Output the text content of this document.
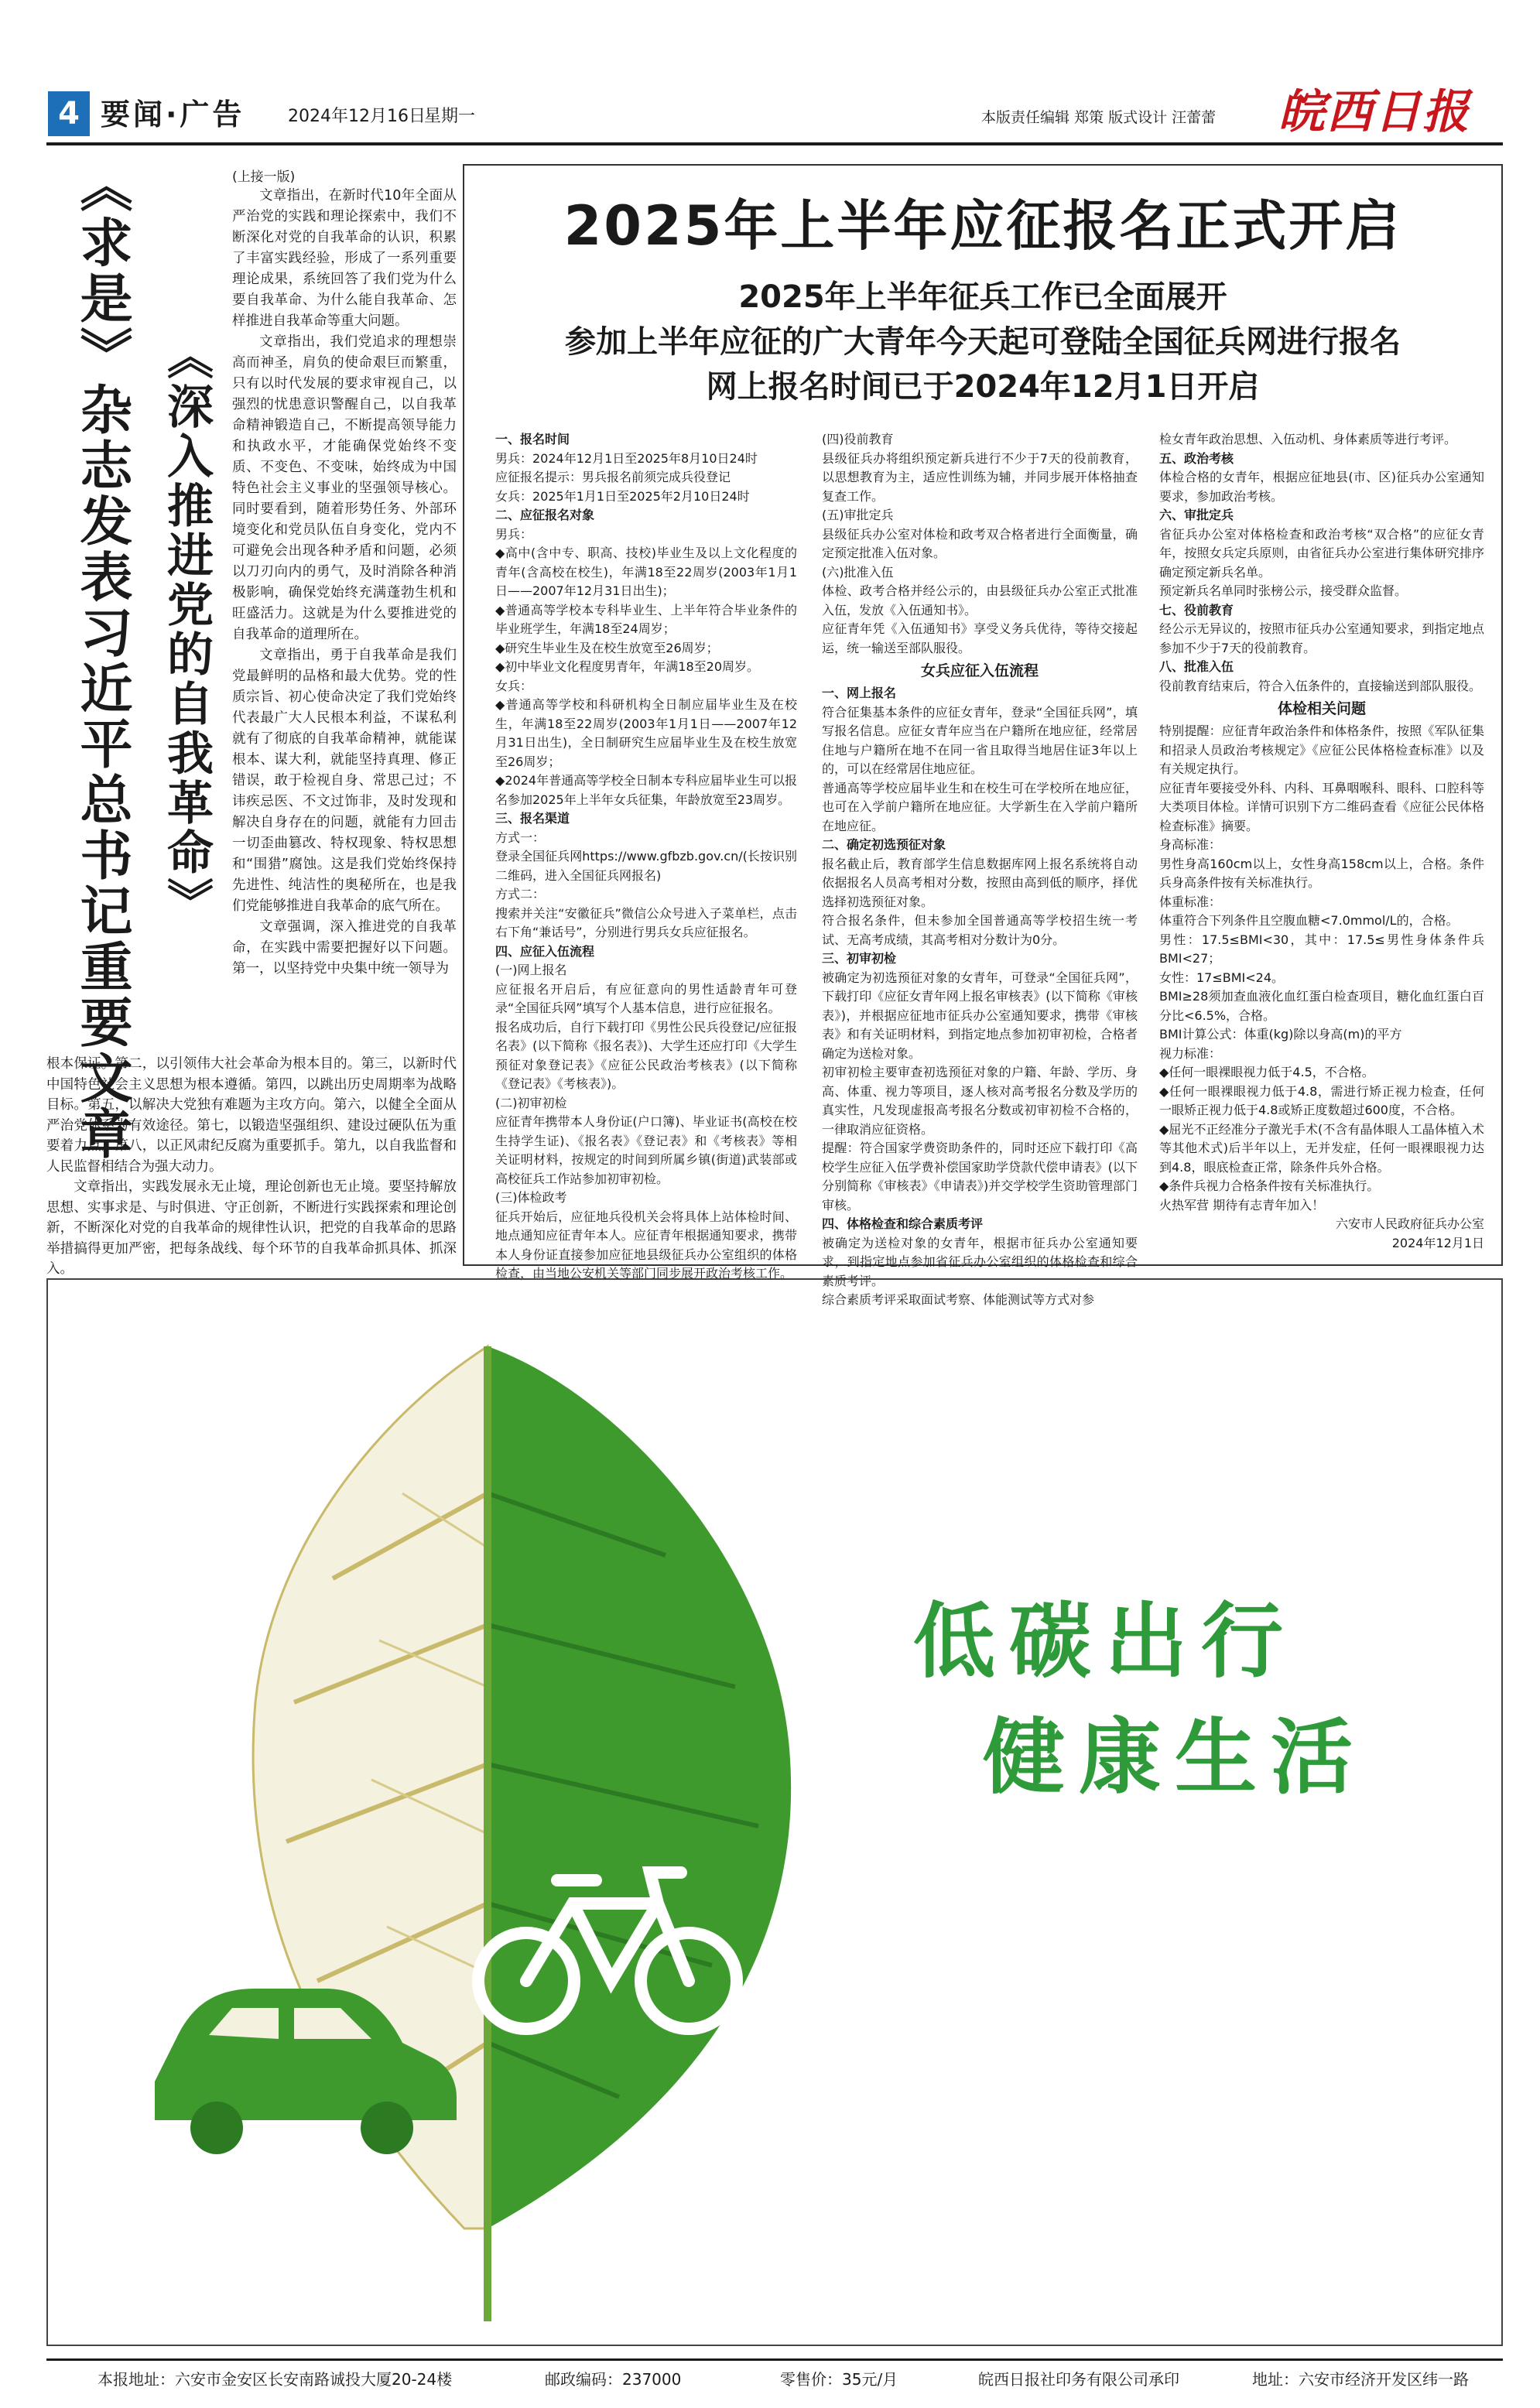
4 要闻·广告	2024年12月16日
星期一	本版责任编辑 郑策 版式设计 汪蕾蕾 皖西日报
《求是》杂志发表习近平总书记重要文章 《深入推进党的自我革命》
(上接一版)

文章指出，在新时代10年全面从严治党的实践和理论探索中，我们不断深化对党的自我革命的认识，积累了丰富实践经验，形成了一系列重要理论成果，系统回答了我们党为什么要自我革命、为什么能自我革命、怎样推进自我革命等重大问题。

文章指出，我们党追求的理想崇高而神圣，肩负的使命艰巨而繁重，只有以时代发展的要求审视自己，以强烈的忧患意识警醒自己，以自我革命精神锻造自己，不断提高领导能力和执政水平，才能确保党始终不变质、不变色、不变味，始终成为中国特色社会主义事业的坚强领导核心。同时要看到，随着形势任务、外部环境变化和党员队伍自身变化，党内不可避免会出现各种矛盾和问题，必须以刀刃向内的勇气，及时消除各种消极影响，确保党始终充满蓬勃生机和旺盛活力。这就是为什么要推进党的自我革命的道理所在。

文章指出，勇于自我革命是我们党最鲜明的品格和最大优势。党的性质宗旨、初心使命决定了我们党始终代表最广大人民根本利益，不谋私利就有了彻底的自我革命精神，就能谋根本、谋大利，就能坚持真理、修正错误，敢于检视自身、常思己过；不讳疾忌医、不文过饰非，及时发现和解决自身存在的问题，就能有力回击一切歪曲篡改、特权现象、特权思想和“围猎”腐蚀。这是我们党始终保持先进性、纯洁性的奥秘所在，也是我们党能够推进自我革命的底气所在。

文章强调，深入推进党的自我革命，在实践中需要把握好以下问题。第一，以坚持党中央集中统一领导为

根本保证。第二，以引领伟大社会革命为根本目的。第三，以新时代中国特色社会主义思想为根本遵循。第四，以跳出历史周期率为战略目标。第五，以解决大党独有难题为主攻方向。第六，以健全全面从严治党体系为有效途径。第七，以锻造坚强组织、建设过硬队伍为重要着力点。第八，以正风肃纪反腐为重要抓手。第九，以自我监督和人民监督相结合为强大动力。

文章指出，实践发展永无止境，理论创新也无止境。要坚持解放思想、实事求是、与时俱进、守正创新，不断进行实践探索和理论创新，不断深化对党的自我革命的规律性认识，把党的自我革命的思路举措搞得更加严密，把每条战线、每个环节的自我革命抓具体、抓深入。

2025年上半年应征报名正式开启
2025年上半年征兵工作已全面展开
参加上半年应征的广大青年今天起可登陆全国征兵网进行报名
网上报名时间已于2024年12月1日开启

一、报名时间

男兵：2024年12月1日至2025年8月10日24时

应征报名提示：男兵报名前须完成兵役登记

女兵：2025年1月1日至2025年2月10日24时

二、应征报名对象

男兵：

◆高中(含中专、职高、技校)毕业生及以上文化程度的青年(含高校在校生)，年满18至22周岁(2003年1月1日——2007年12月31日出生)；

◆普通高等学校本专科毕业生、上半年符合毕业条件的毕业班学生，年满18至24周岁；

◆研究生毕业生及在校生放宽至26周岁；

◆初中毕业文化程度男青年，年满18至20周岁。

女兵：

◆普通高等学校和科研机构全日制应届毕业生及在校生，年满18至22周岁(2003年1月1日——2007年12月31日出生)，全日制研究生应届毕业生及在校生放宽至26周岁；

◆2024年普通高等学校全日制本专科应届毕业生可以报名参加2025年上半年女兵征集，年龄放宽至23周岁。

三、报名渠道

方式一：

登录全国征兵网https://www.gfbzb.gov.cn/(长按识别二维码，进入全国征兵网报名)

方式二：

搜索并关注“安徽征兵”微信公众号进入子菜单栏，点击右下角“兼话号”，分别进行男兵女兵应征报名。

四、应征入伍流程

(一)网上报名

应征报名开启后，有应征意向的男性适龄青年可登录“全国征兵网”填写个人基本信息，进行应征报名。

报名成功后，自行下载打印《男性公民兵役登记/应征报名表》(以下简称《报名表》)、大学生还应打印《大学生预征对象登记表》《应征公民政治考核表》(以下简称《登记表》《考核表》)。

(二)初审初检

应征青年携带本人身份证(户口簿)、毕业证书(高校在校生持学生证)、《报名表》《登记表》和《考核表》等相关证明材料，按规定的时间到所属乡镇(街道)武装部或高校征兵工作站参加初审初检。

(三)体检政考

征兵开始后，应征地兵役机关会将具体上站体检时间、地点通知应征青年本人。应征青年根据通知要求，携带本人身份证直接参加应征地县级征兵办公室组织的体格检查，由当地公安机关等部门同步展开政治考核工作。

(四)役前教育

县级征兵办将组织预定新兵进行不少于7天的役前教育，以思想教育为主，适应性训练为辅，并同步展开体格抽查复查工作。

(五)审批定兵

县级征兵办公室对体检和政考双合格者进行全面衡量，确定预定批准入伍对象。

(六)批准入伍

体检、政考合格并经公示的，由县级征兵办公室正式批准入伍，发放《入伍通知书》。

应征青年凭《入伍通知书》享受义务兵优待，等待交接起运，统一输送至部队服役。

女兵应征入伍流程

一、网上报名

符合征集基本条件的应征女青年，登录“全国征兵网”，填写报名信息。应征女青年应当在户籍所在地应征，经常居住地与户籍所在地不在同一省且取得当地居住证3年以上的，可以在经常居住地应征。

普通高等学校应届毕业生和在校生可在学校所在地应征，也可在入学前户籍所在地应征。大学新生在入学前户籍所在地应征。

二、确定初选预征对象

报名截止后，教育部学生信息数据库网上报名系统将自动依据报名人员高考相对分数，按照由高到低的顺序，择优选择初选预征对象。

符合报名条件，但未参加全国普通高等学校招生统一考试、无高考成绩，其高考相对分数计为0分。

三、初审初检

被确定为初选预征对象的女青年，可登录“全国征兵网”，下载打印《应征女青年网上报名审核表》(以下简称《审核表》)，并根据应征地市征兵办公室通知要求，携带《审核表》和有关证明材料，到指定地点参加初审初检，合格者确定为送检对象。

初审初检主要审查初选预征对象的户籍、年龄、学历、身高、体重、视力等项目，逐人核对高考报名分数及学历的真实性，凡发现虚报高考报名分数或初审初检不合格的，一律取消应征资格。

提醒：符合国家学费资助条件的，同时还应下载打印《高校学生应征入伍学费补偿国家助学贷款代偿申请表》(以下分别简称《审核表》《申请表》)并交学校学生资助管理部门审核。

四、体格检查和综合素质考评

被确定为送检对象的女青年，根据市征兵办公室通知要求，到指定地点参加省征兵办公室组织的体格检查和综合素质考评。

综合素质考评采取面试考察、体能测试等方式对参

检女青年政治思想、入伍动机、身体素质等进行考评。

五、政治考核

体检合格的女青年，根据应征地县(市、区)征兵办公室通知要求，参加政治考核。

六、审批定兵

省征兵办公室对体格检查和政治考核“双合格”的应征女青年，按照女兵定兵原则，由省征兵办公室进行集体研究排序确定预定新兵名单。

预定新兵名单同时张榜公示，接受群众监督。

七、役前教育

经公示无异议的，按照市征兵办公室通知要求，到指定地点参加不少于7天的役前教育。

八、批准入伍

役前教育结束后，符合入伍条件的，直接输送到部队服役。

体检相关问题

特别提醒：应征青年政治条件和体格条件，按照《军队征集和招录人员政治考核规定》《应征公民体格检查标准》以及有关规定执行。

应征青年要接受外科、内科、耳鼻咽喉科、眼科、口腔科等大类项目体检。详情可识别下方二维码查看《应征公民体格检查标准》摘要。

身高标准：

男性身高160cm以上，女性身高158cm以上，合格。条件兵身高条件按有关标准执行。

体重标准：

体重符合下列条件且空腹血糖<7.0mmol/L的，合格。

男性：17.5≤BMI<30，其中：17.5≤男性身体条件兵BMI<27；

女性：17≤BMI<24。

BMI≥28须加查血液化血红蛋白检查项目，糖化血红蛋白百分比<6.5%，合格。

BMI计算公式：体重(kg)除以身高(m)的平方

视力标准：

◆任何一眼裸眼视力低于4.5，不合格。

◆任何一眼裸眼视力低于4.8，需进行矫正视力检查，任何一眼矫正视力低于4.8或矫正度数超过600度，不合格。

◆屈光不正经准分子激光手术(不含有晶体眼人工晶体植入术等其他术式)后半年以上，无并发症，任何一眼裸眼视力达到4.8，眼底检查正常，除条件兵外合格。

◆条件兵视力合格条件按有关标准执行。

火热军营 期待有志青年加入！

六安市人民政府征兵办公室

2024年12月1日

低碳出行
健康生活
本报地址：六安市金安区长安南路诚投大厦20-24楼	邮政编码：237000	零售价：35元/月	皖西日报社印务有限公司承印	地址：六安市经济开发区纬一路
